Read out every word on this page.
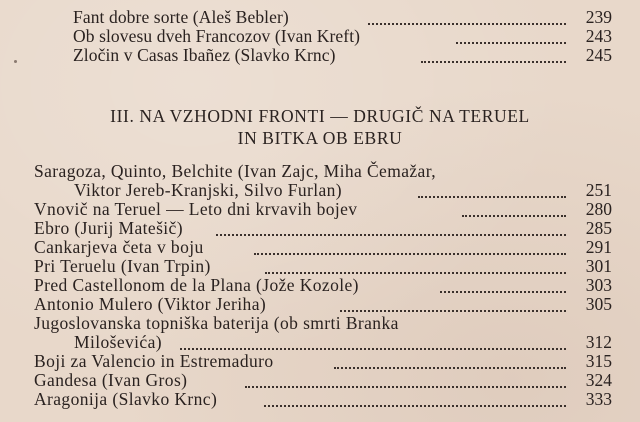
Fant dobre sorte (Aleš Bebler)	239
Ob slovesu dveh Francozov (Ivan Kreft)	243
Zločin v Casas Ibañez (Slavko Krnc)	245
III. NA VZHODNI FRONTI — DRUGIČ NA TERUEL
IN BITKA OB EBRU
Saragoza, Quinto, Belchite (Ivan Zajc, Miha Čemažar,
Viktor Jereb-Kranjski, Silvo Furlan)	251
Vnovič na Teruel — Leto dni krvavih bojev	280
Ebro (Jurij Matešič)	285
Cankarjeva četa v boju	291
Pri Teruelu (Ivan Trpin)	301
Pred Castellonom de la Plana (Jože Kozole)	303
Antonio Mulero (Viktor Jeriha)	305
Jugoslovanska topniška baterija (ob smrti Branka
Miloševića)	312
Boji za Valencio in Estremaduro	315
Gandesa (Ivan Gros)	324
Aragonija (Slavko Krnc)	333
